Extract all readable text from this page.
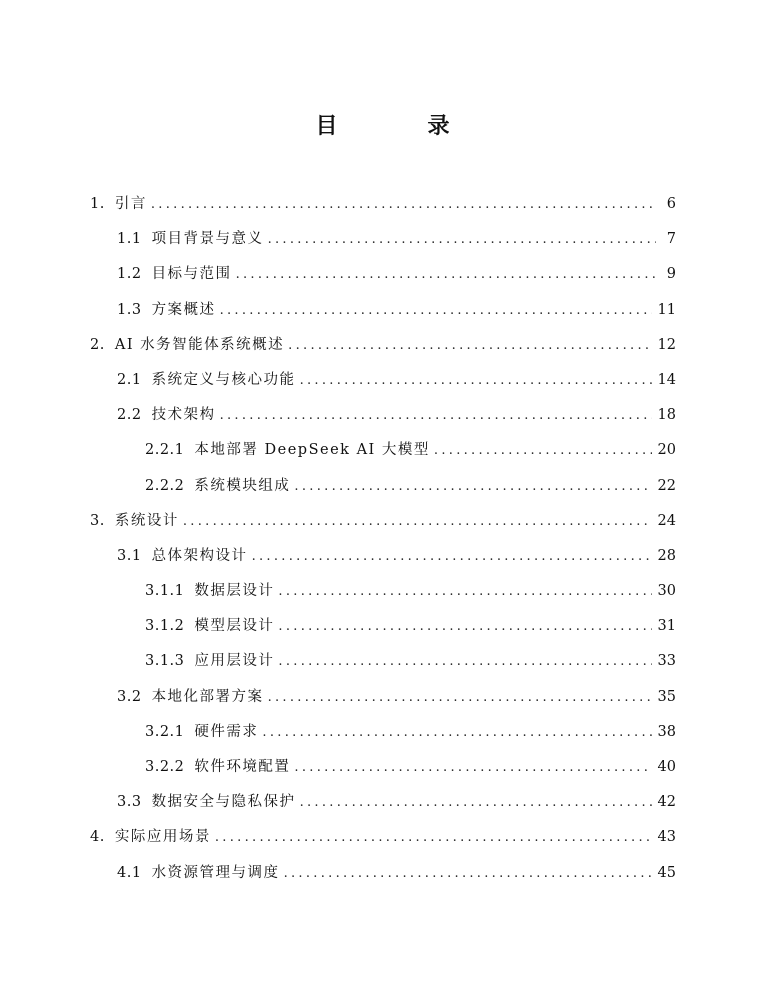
目　录
1. 引言 .....	6
1.1 项目背景与意义 .....	7
1.2 目标与范围 .....	9
1.3 方案概述 .....	11
2. AI 水务智能体系统概述 .....	12
2.1 系统定义与核心功能 .....	14
2.2 技术架构 .....	18
2.2.1 本地部署 DeepSeek AI 大模型 .....	20
2.2.2 系统模块组成 .....	22
3. 系统设计 .....	24
3.1 总体架构设计 .....	28
3.1.1 数据层设计 .....	30
3.1.2 模型层设计 .....	31
3.1.3 应用层设计 .....	33
3.2 本地化部署方案 .....	35
3.2.1 硬件需求 .....	38
3.2.2 软件环境配置 .....	40
3.3 数据安全与隐私保护 .....	42
4. 实际应用场景 .....	43
4.1 水资源管理与调度 .....	45
